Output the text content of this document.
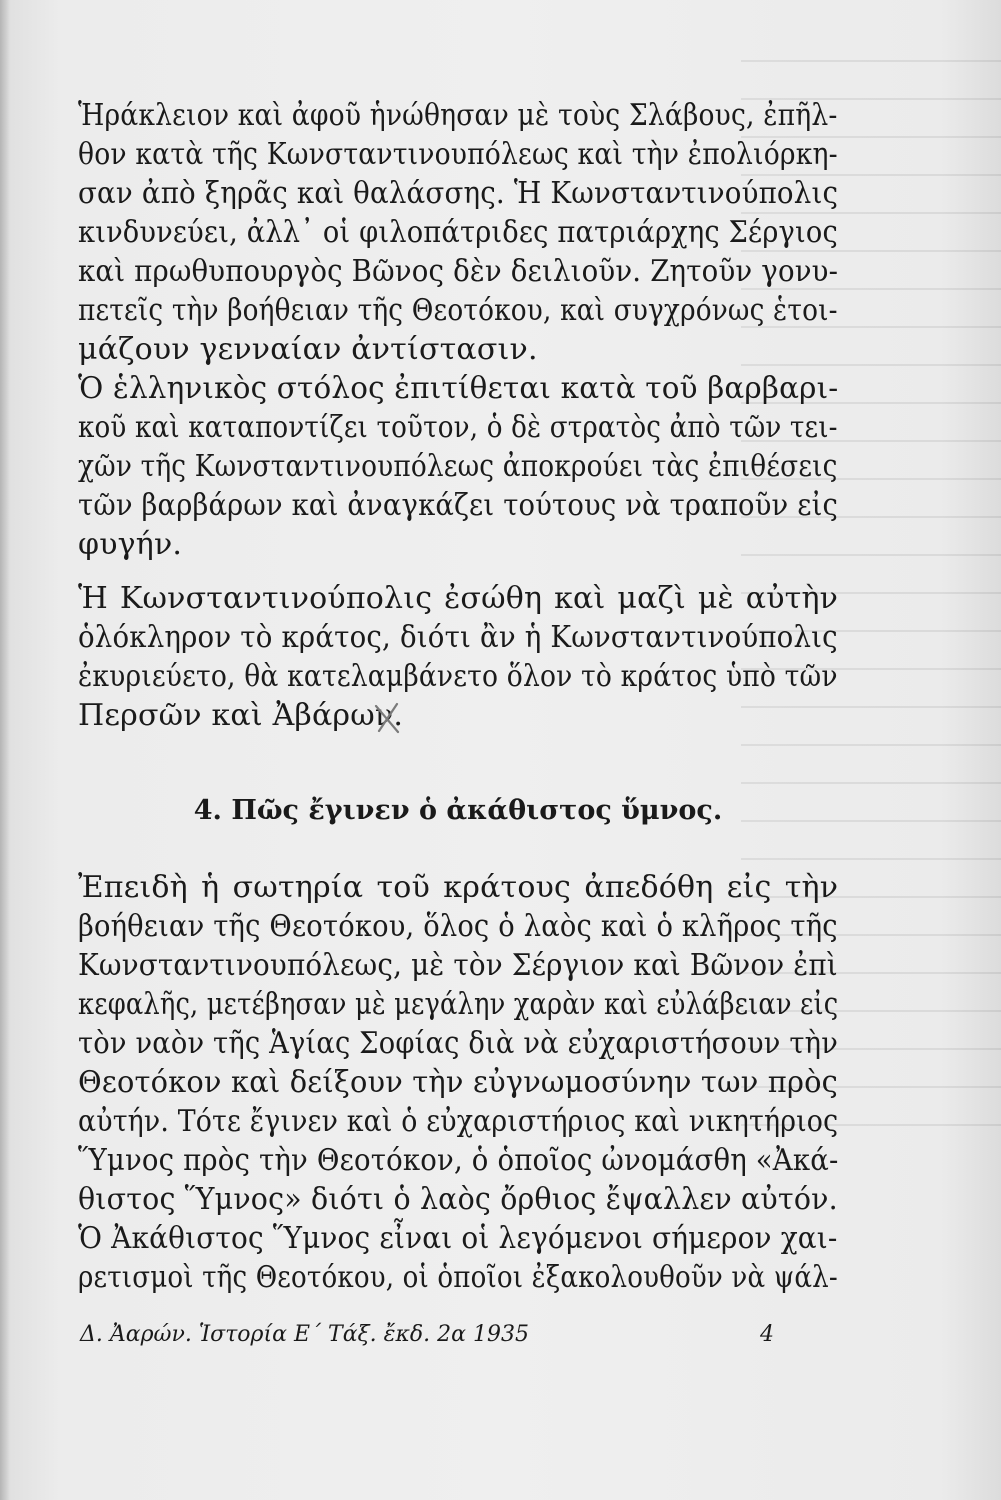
Ἡράκλειον καὶ ἀφοῦ ἡνώθησαν μὲ τοὺς Σλάβους, ἐπῆλ-
θον κατὰ τῆς Κωνσταντινουπόλεως καὶ τὴν ἐπολιόρκη-
σαν ἀπὸ ξηρᾶς καὶ θαλάσσης. Ἡ Κωνσταντινούπολις
κινδυνεύει, ἀλλ᾽ οἱ φιλοπάτριδες πατριάρχης Σέργιος
καὶ πρωθυπουργὸς Βῶνος δὲν δειλιοῦν. Ζητοῦν γονυ-
πετεῖς τὴν βοήθειαν τῆς Θεοτόκου, καὶ συγχρόνως ἑτοι-
μάζουν γενναίαν ἀντίστασιν.
Ὁ ἑλληνικὸς στόλος ἐπιτίθεται κατὰ τοῦ βαρβαρι-
κοῦ καὶ καταποντίζει τοῦτον, ὁ δὲ στρατὸς ἀπὸ τῶν τει-
χῶν τῆς Κωνσταντινουπόλεως ἀποκρούει τὰς ἐπιθέσεις
τῶν βαρβάρων καὶ ἀναγκάζει τούτους νὰ τραποῦν εἰς
φυγήν.
Ἡ Κωνσταντινούπολις ἐσώθη καὶ μαζὶ μὲ αὐτὴν
ὁλόκληρον τὸ κράτος, διότι ἂν ἡ Κωνσταντινούπολις
ἐκυριεύετο, θὰ κατελαμβάνετο ὅλον τὸ κράτος ὑπὸ τῶν
Περσῶν καὶ Ἀβάρων.
4. Πῶς ἔγινεν ὁ ἀκάθιστος ὕμνος.
Ἐπειδὴ ἡ σωτηρία τοῦ κράτους ἀπεδόθη εἰς τὴν
βοήθειαν τῆς Θεοτόκου, ὅλος ὁ λαὸς καὶ ὁ κλῆρος τῆς
Κωνσταντινουπόλεως, μὲ τὸν Σέργιον καὶ Βῶνον ἐπὶ
κεφαλῆς, μετέβησαν μὲ μεγάλην χαρὰν καὶ εὐλάβειαν εἰς
τὸν ναὸν τῆς Ἁγίας Σοφίας διὰ νὰ εὐχαριστήσουν τὴν
Θεοτόκον καὶ δείξουν τὴν εὐγνωμοσύνην των πρὸς
αὐτήν. Τότε ἔγινεν καὶ ὁ εὐχαριστήριος καὶ νικητήριος
Ὕμνος πρὸς τὴν Θεοτόκον, ὁ ὁποῖος ὠνομάσθη «Ἀκά-
θιστος Ὕμνος» διότι ὁ λαὸς ὄρθιος ἔψαλλεν αὐτόν.
Ὁ Ἀκάθιστος Ὕμνος εἶναι οἱ λεγόμενοι σήμερον χαι-
ρετισμοὶ τῆς Θεοτόκου, οἱ ὁποῖοι ἐξακολουθοῦν νὰ ψάλ-
Δ. Ἀαρών. Ἱστορία Ε΄ Τάξ. ἔκδ. 2α 1935	4
